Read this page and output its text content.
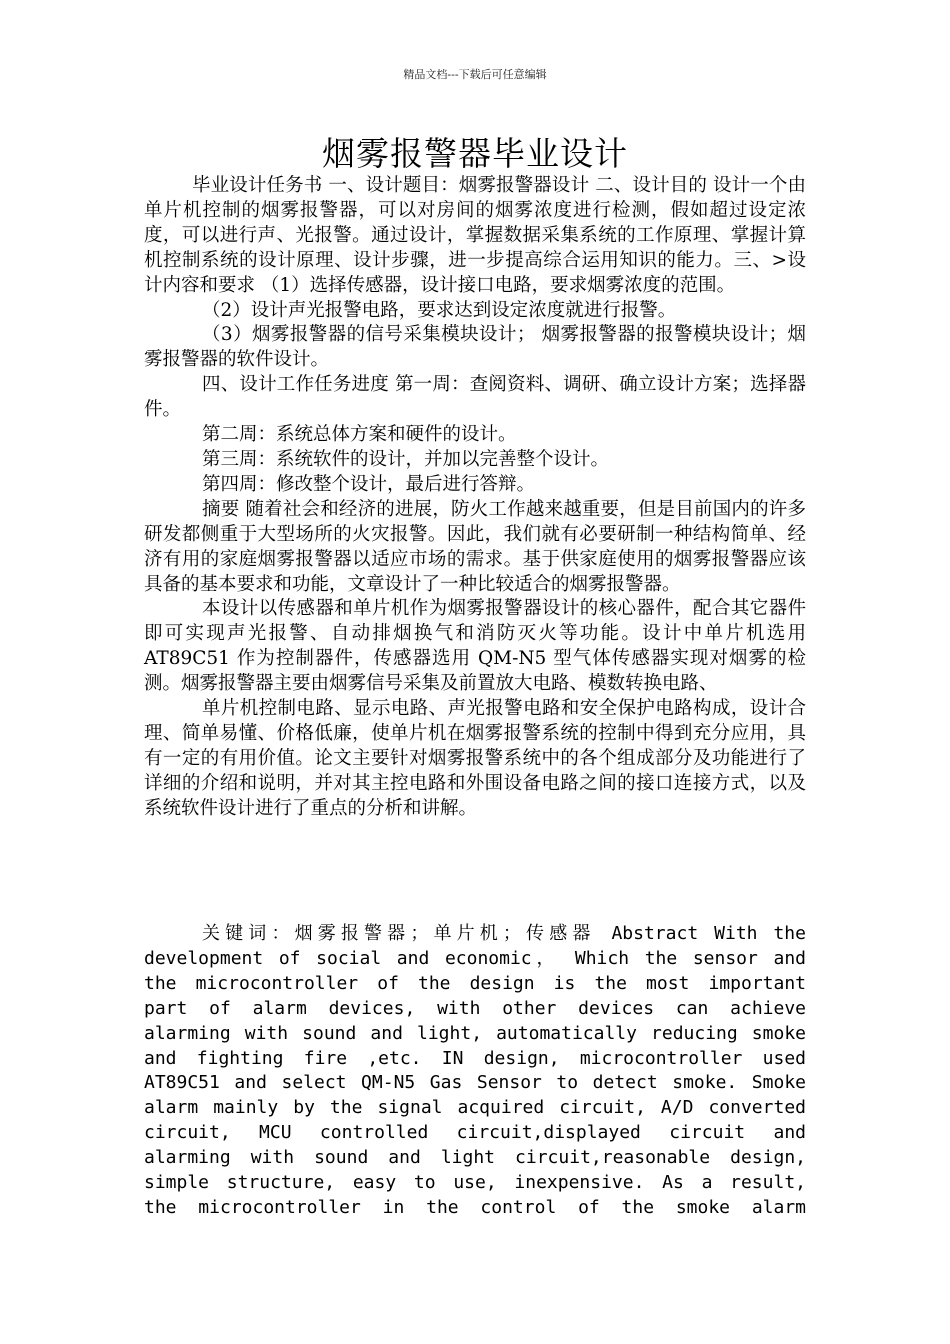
精品文档---下载后可任意编辑
烟雾报警器毕业设计

毕业设计任务书 一、设计题目：烟雾报警器设计 二、设计目的 设计一个由单片机控制的烟雾报警器，可以对房间的烟雾浓度进行检测，假如超过设定浓度，可以进行声、光报警。通过设计，掌握数据采集系统的工作原理、掌握计算机控制系统的设计原理、设计步骤，进一步提高综合运用知识的能力。三、>设计内容和要求 （1）选择传感器，设计接口电路，要求烟雾浓度的范围。

（2）设计声光报警电路，要求达到设定浓度就进行报警。

（3）烟雾报警器的信号采集模块设计； 烟雾报警器的报警模块设计；烟雾报警器的软件设计。

四、设计工作任务进度 第一周：查阅资料、调研、确立设计方案；选择器件。

第二周：系统总体方案和硬件的设计。

第三周：系统软件的设计，并加以完善整个设计。

第四周：修改整个设计，最后进行答辩。

摘要 随着社会和经济的进展，防火工作越来越重要，但是目前国内的许多研发都侧重于大型场所的火灾报警。因此，我们就有必要研制一种结构简单、经济有用的家庭烟雾报警器以适应市场的需求。基于供家庭使用的烟雾报警器应该具备的基本要求和功能，文章设计了一种比较适合的烟雾报警器。

本设计以传感器和单片机作为烟雾报警器设计的核心器件，配合其它器件即可实现声光报警、自动排烟换气和消防灭火等功能。设计中单片机选用 AT89C51 作为控制器件，传感器选用 QM-N5 型气体传感器实现对烟雾的检测。烟雾报警器主要由烟雾信号采集及前置放大电路、模数转换电路、

单片机控制电路、显示电路、声光报警电路和安全保护电路构成，设计合理、简单易懂、价格低廉，使单片机在烟雾报警系统的控制中得到充分应用，具有一定的有用价值。论文主要针对烟雾报警系统中的各个组成部分及功能进行了详细的介绍和说明，并对其主控电路和外围设备电路之间的接口连接方式，以及系统软件设计进行了重点的分析和讲解。

关键词：烟雾报警器；单片机；传感器 Abstract With the

development of social and economic， Which the sensor and

the microcontroller of the design is the most important

part of alarm devices, with other devices can achieve

alarming with sound and light, automatically reducing smoke

and fighting fire ,etc. IN design, microcontroller used

AT89C51 and select QM-N5 Gas Sensor to detect smoke. Smoke

alarm mainly by the signal acquired circuit, A/D converted

circuit, MCU controlled circuit,displayed circuit and

alarming with sound and light circuit,reasonable design,

simple structure, easy to use, inexpensive. As a result,

the microcontroller in the control of the smoke alarm
